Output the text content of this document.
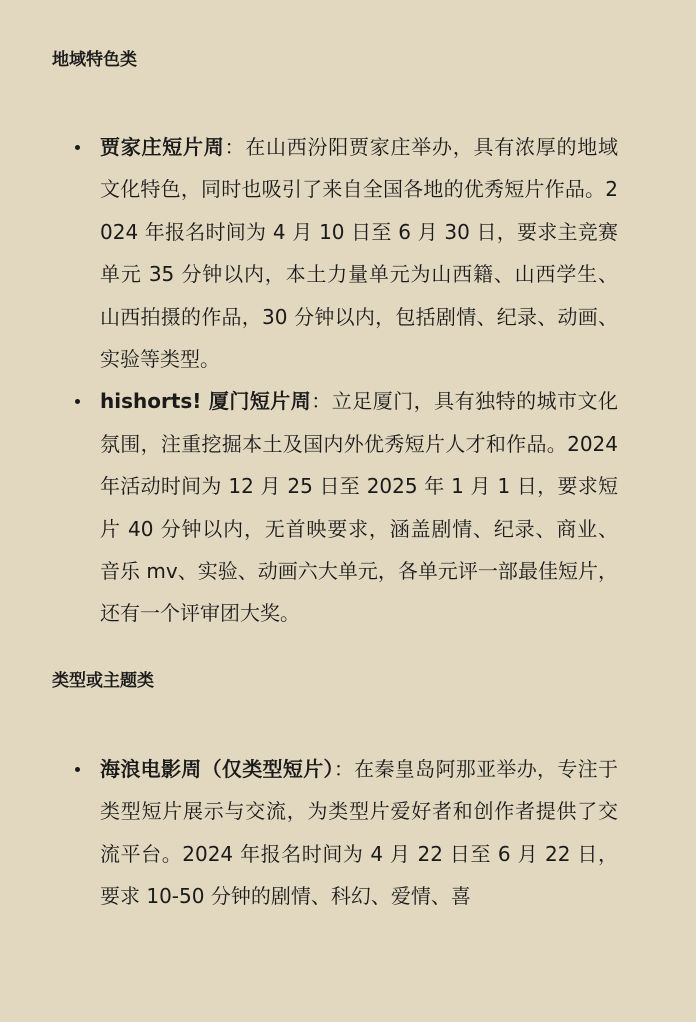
地域特色类
贾家庄短片周：在山西汾阳贾家庄举办，具有浓厚的地域文化特色，同时也吸引了来自全国各地的优秀短片作品。2024 年报名时间为 4 月 10 日至 6 月 30 日，要求主竞赛单元 35 分钟以内，本土力量单元为山西籍、山西学生、山西拍摄的作品，30 分钟以内，包括剧情、纪录、动画、实验等类型。
hishorts! 厦门短片周：立足厦门，具有独特的城市文化氛围，注重挖掘本土及国内外优秀短片人才和作品。2024 年活动时间为 12 月 25 日至 2025 年 1 月 1 日，要求短片 40 分钟以内，无首映要求，涵盖剧情、纪录、商业、音乐 mv、实验、动画六大单元，各单元评一部最佳短片，还有一个评审团大奖。
类型或主题类
海浪电影周（仅类型短片）：在秦皇岛阿那亚举办，专注于类型短片展示与交流，为类型片爱好者和创作者提供了交流平台。2024 年报名时间为 4 月 22 日至 6 月 22 日，要求 10-50 分钟的剧情、科幻、爱情、喜
